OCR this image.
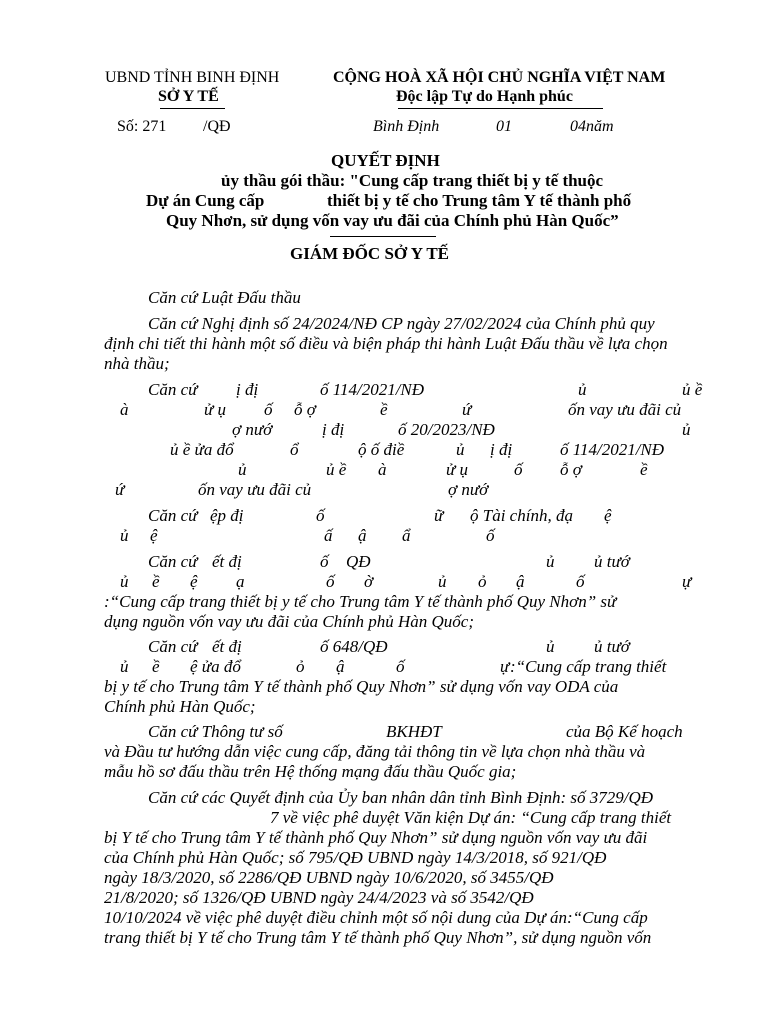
UBND TỈNH BINH ĐỊNH
SỞ Y TẾ
CỘNG HOÀ XÃ HỘI CHỦ NGHĨA VIỆT NAM
Độc lập Tự do Hạnh phúc
Số: 271 /QĐ	Bình Định	01	04năm
QUYẾT ĐỊNH
ủy thầu gói thầu: "Cung cấp trang thiết bị y tế thuộc
Dự án Cung cấp	thiết bị y tế cho Trung tâm Y tế thành phố
Quy Nhơn, sử dụng vốn vay ưu đãi của Chính phủ Hàn Quốc”
GIÁM ĐỐC SỞ Y TẾ
Căn cứ Luật Đấu thầu
Căn cứ Nghị định số 24/2024/NĐ CP ngày 27/02/2024 của Chính phủ quy
định chi tiết thi hành một số điều và biện pháp thi hành Luật Đấu thầu về lựa chọn
nhà thầu;
Căn cứ ị đị	ố 114/2021/NĐ	ủ	ủ ề
à	ử ụ ố ỗ ợ	ề	ứ	ốn vay ưu đãi củ
ợ nướ	ị đị	ố 20/2023/NĐ	ủ
ủ ề ửa đổ	ổ	ộ ố điề	ủ ị đị	ố 114/2021/NĐ
ủ	ủ ề à	ử ụ	ố ỗ ợ	ề
ứ	ốn vay ưu đãi củ	ợ nướ
Căn cứ ệp đị	ố	ữ ộ Tài chính, đạ ệ
ủ ệ	ấ ậ ẩ	ố
Căn cứ ết đị	ố QĐ	ủ ủ tướ
ủ ề ệ ạ	ố ờ	ủ ỏ ậ	ố	ự
:“Cung cấp trang thiết bị y tế cho Trung tâm Y tế thành phố Quy Nhơn” sử
dụng nguồn vốn vay ưu đãi của Chính phủ Hàn Quốc;
Căn cứ ết đị	ố 648/QĐ	ủ ủ tướ
ủ ề ệ ửa đổ	ỏ ậ	ố	ự :“Cung cấp trang thiết
bị y tế cho Trung tâm Y tế thành phố Quy Nhơn” sử dụng vốn vay ODA của
Chính phủ Hàn Quốc;
Căn cứ Thông tư số	BKHĐT	của Bộ Kế hoạch
và Đầu tư hướng dẫn việc cung cấp, đăng tải thông tin về lựa chọn nhà thầu và
mẫu hồ sơ đấu thầu trên Hệ thống mạng đấu thầu Quốc gia;
Căn cứ các Quyết định của Ủy ban nhân dân tỉnh Bình Định: số 3729/QĐ
7 về việc phê duyệt Văn kiện Dự án: “Cung cấp trang thiết
bị Y tế cho Trung tâm Y tế thành phố Quy Nhơn” sử dụng nguồn vốn vay ưu đãi
của Chính phủ Hàn Quốc; số 795/QĐ UBND ngày 14/3/2018, số 921/QĐ
ngày 18/3/2020, số 2286/QĐ UBND ngày 10/6/2020, số 3455/QĐ
21/8/2020; số 1326/QĐ UBND ngày 24/4/2023 và số 3542/QĐ
10/10/2024 về việc phê duyệt điều chỉnh một số nội dung của Dự án:“Cung cấp
trang thiết bị Y tế cho Trung tâm Y tế thành phố Quy Nhơn”, sử dụng nguồn vốn
